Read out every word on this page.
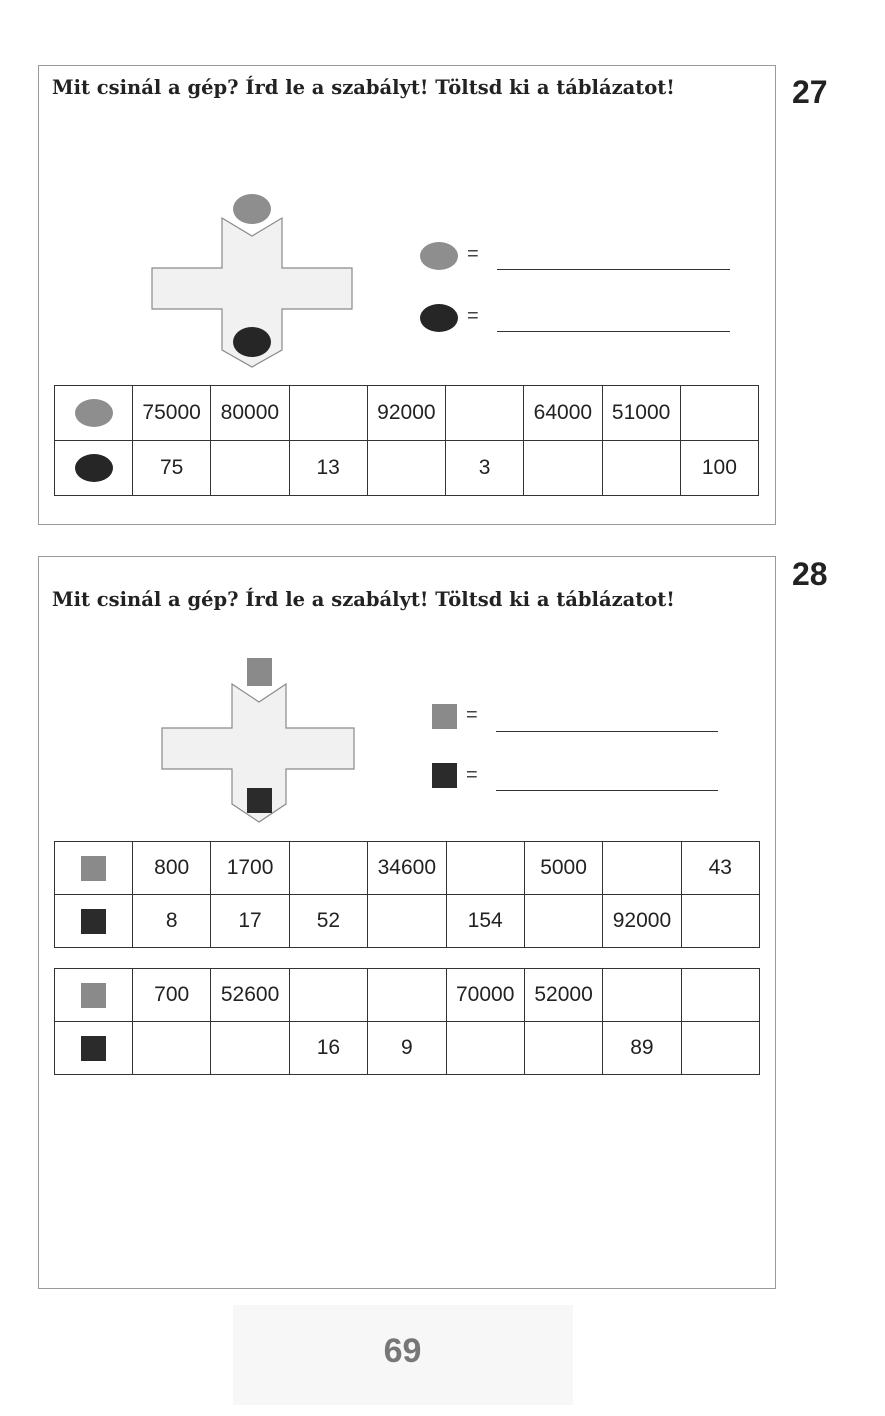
27
Mit csinál a gép? Írd le a szabályt! Töltsd ki a táblázatot!
=
=
	75000	80000		92000		64000	51000	

	75		13		3			100
28
Mit csinál a gép? Írd le a szabályt! Töltsd ki a táblázatot!
=
=
	800	1700		34600		5000		43

	8	17	52		154		92000	
	700	52600			70000	52000		

			16	9			89	
69
